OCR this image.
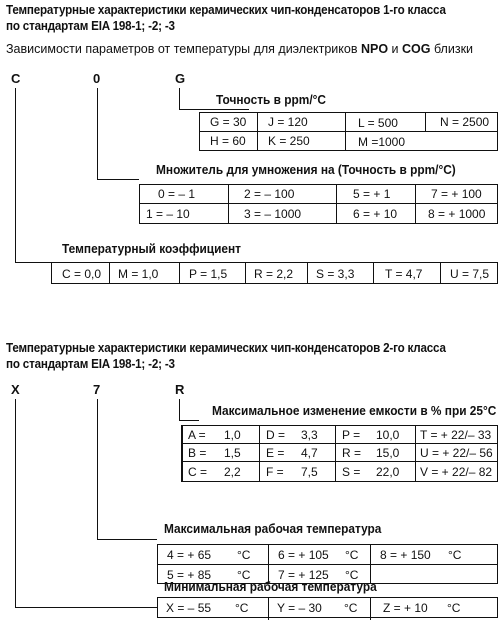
Температурные характеристики керамических чип-конденсаторов 1-го класса
по стандартам EIA 198-1; -2; -3
Зависимости параметров от температуры для диэлектриков NPO и COG близки
C	0	G
Точность в ppm/°C
G = 30 J = 120	L = 500	N = 2500
H = 60 K = 250	M =1000
Множитель для умножения на (Точность в ppm/°C)
0 = – 1	2 = – 100	5 = + 1	7 = + 100
1 = – 10	3 = – 1000	6 = + 10	8 = + 1000
Температурный коэффициент
C = 0,0 M = 1,0	P = 1,5 R = 2,2 S = 3,3	T = 4,7 U = 7,5
Температурные характеристики керамических чип-конденсаторов 2-го класса
по стандартам EIA 198-1; -2; -3
X	7	R
Максимальное изменение емкости в % при 25°C
A = 1,0 D = 3,3 P = 10,0 T = + 22/– 33
B = 1,5 E = 4,7 R = 15,0 U = + 22/– 56
C = 2,2 F = 7,5 S = 22,0 V = + 22/– 82
Максимальная рабочая температура
4 = + 65 °C 6 = + 105 °C 8 = + 150 °C
5 = + 85 °C 7 = + 125 °C
Минимальная рабочая температура
X = – 55 °C Y = – 30 °C Z = + 10 °C
